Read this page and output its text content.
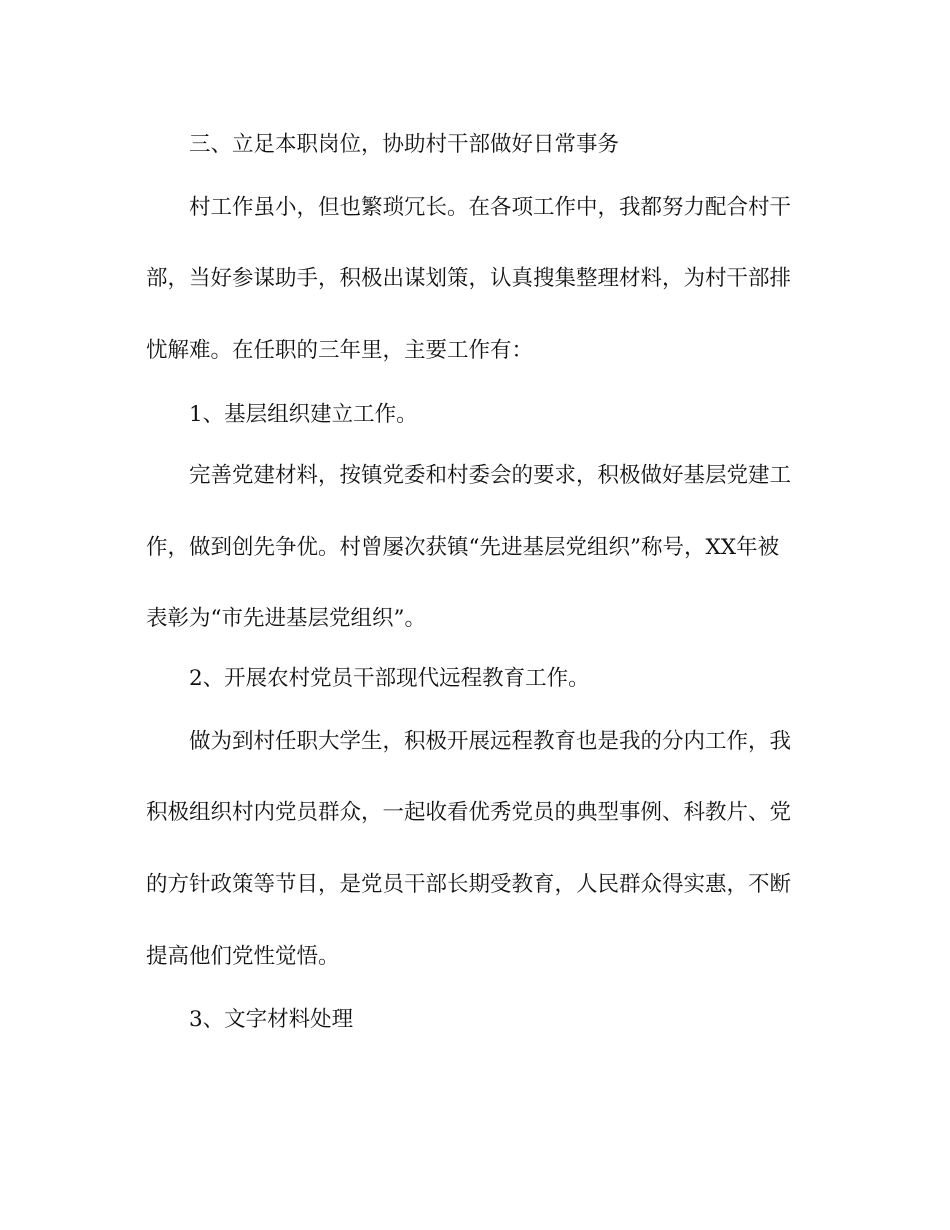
三、立足本职岗位，协助村干部做好日常事务
村工作虽小，但也繁琐冗长。在各项工作中，我都努力配合村干
部，当好参谋助手，积极出谋划策，认真搜集整理材料，为村干部排
忧解难。在任职的三年里，主要工作有：
1、基层组织建立工作。
完善党建材料，按镇党委和村委会的要求，积极做好基层党建工
作，做到创先争优。村曾屡次获镇“先进基层党组织”称号，XX年被
表彰为“市先进基层党组织”。
2、开展农村党员干部现代远程教育工作。
做为到村任职大学生，积极开展远程教育也是我的分内工作，我
积极组织村内党员群众，一起收看优秀党员的典型事例、科教片、党
的方针政策等节目，是党员干部长期受教育，人民群众得实惠，不断
提高他们党性觉悟。
3、文字材料处理
